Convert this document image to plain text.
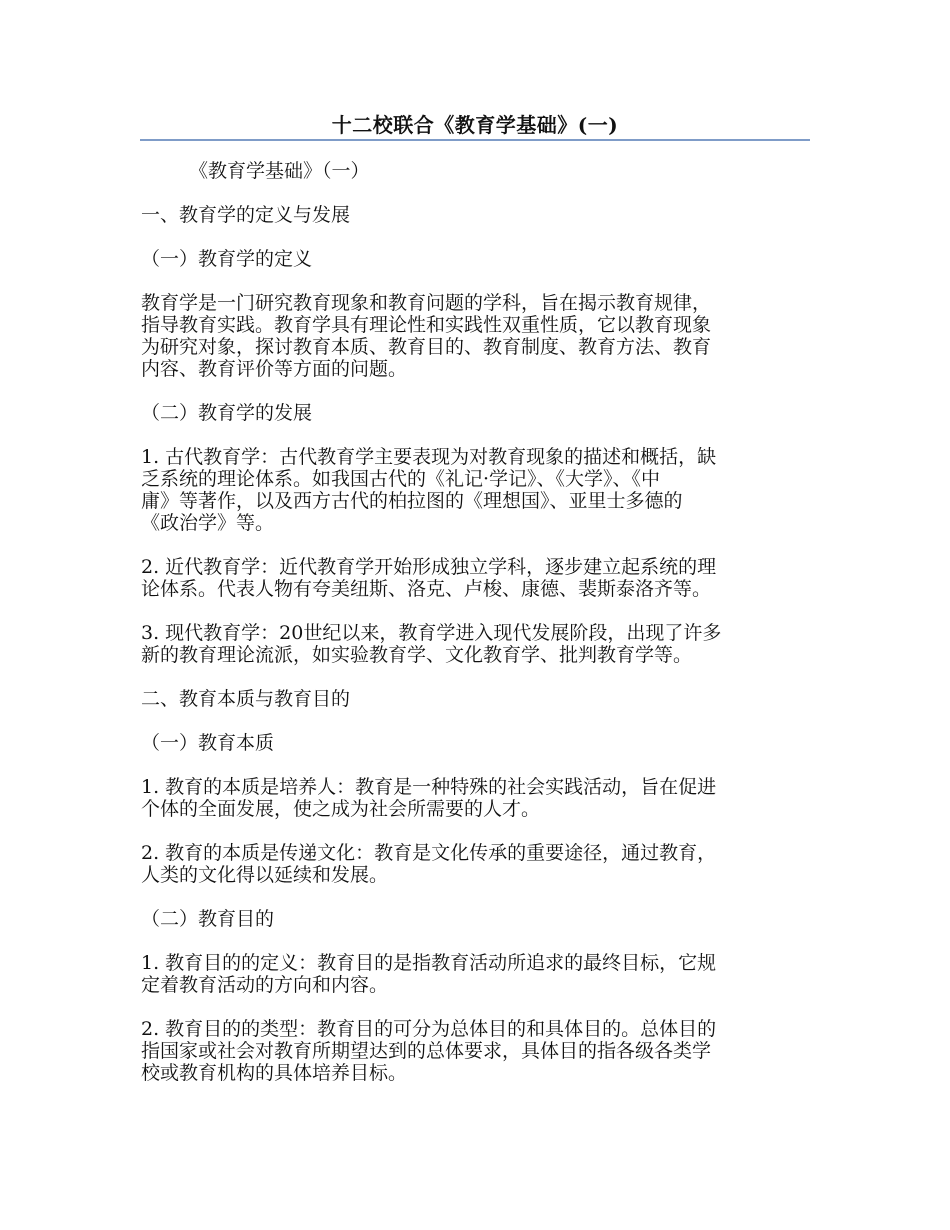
十二校联合《教育学基础》(一)
《教育学基础》（一）
一、教育学的定义与发展
（一）教育学的定义
教育学是一门研究教育现象和教育问题的学科，旨在揭示教育规律，
指导教育实践。教育学具有理论性和实践性双重性质，它以教育现象
为研究对象，探讨教育本质、教育目的、教育制度、教育方法、教育
内容、教育评价等方面的问题。
（二）教育学的发展
1. 古代教育学：古代教育学主要表现为对教育现象的描述和概括，缺
乏系统的理论体系。如我国古代的《礼记·学记》、《大学》、《中
庸》等著作，以及西方古代的柏拉图的《理想国》、亚里士多德的
《政治学》等。
2. 近代教育学：近代教育学开始形成独立学科，逐步建立起系统的理
论体系。代表人物有夸美纽斯、洛克、卢梭、康德、裴斯泰洛齐等。
3. 现代教育学：20世纪以来，教育学进入现代发展阶段，出现了许多
新的教育理论流派，如实验教育学、文化教育学、批判教育学等。
二、教育本质与教育目的
（一）教育本质
1. 教育的本质是培养人：教育是一种特殊的社会实践活动，旨在促进
个体的全面发展，使之成为社会所需要的人才。
2. 教育的本质是传递文化：教育是文化传承的重要途径，通过教育，
人类的文化得以延续和发展。
（二）教育目的
1. 教育目的的定义：教育目的是指教育活动所追求的最终目标，它规
定着教育活动的方向和内容。
2. 教育目的的类型：教育目的可分为总体目的和具体目的。总体目的
指国家或社会对教育所期望达到的总体要求，具体目的指各级各类学
校或教育机构的具体培养目标。
